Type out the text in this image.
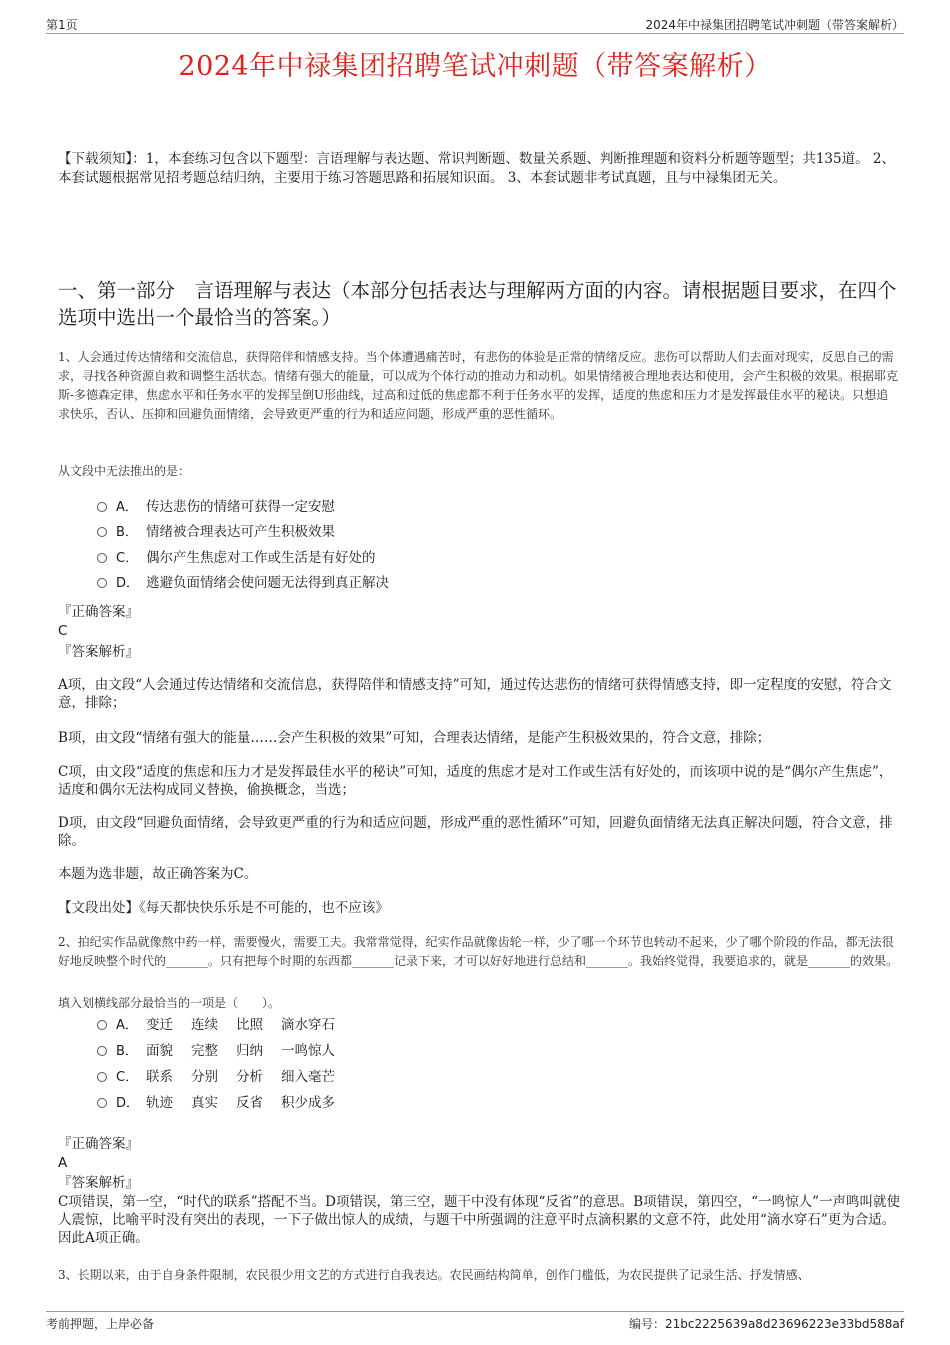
第1页	2024年中禄集团招聘笔试冲刺题（带答案解析）
2024年中禄集团招聘笔试冲刺题（带答案解析）
【下载须知】：1，本套练习包含以下题型：言语理解与表达题、常识判断题、数量关系题、判断推理题和资料分析题等题型；共135道。 2、本套试题根据常见招考题总结归纳，主要用于练习答题思路和拓展知识面。 3、本套试题非考试真题，且与中禄集团无关。
一、第一部分　言语理解与表达（本部分包括表达与理解两方面的内容。请根据题目要求，在四个选项中选出一个最恰当的答案。）
1、人会通过传达情绪和交流信息，获得陪伴和情感支持。当个体遭遇痛苦时，有悲伤的体验是正常的情绪反应。悲伤可以帮助人们去面对现实，反思自己的需求，寻找各种资源自救和调整生活状态。情绪有强大的能量，可以成为个体行动的推动力和动机。如果情绪被合理地表达和使用，会产生积极的效果。根据耶克斯-多德森定律，焦虑水平和任务水平的发挥呈倒U形曲线，过高和过低的焦虑都不利于任务水平的发挥，适度的焦虑和压力才是发挥最佳水平的秘诀。只想追求快乐，否认、压抑和回避负面情绪，会导致更严重的行为和适应问题，形成严重的恶性循环。
从文段中无法推出的是：
A． 传达悲伤的情绪可获得一定安慰
B． 情绪被合理表达可产生积极效果
C． 偶尔产生焦虑对工作或生活是有好处的
D． 逃避负面情绪会使问题无法得到真正解决
『正确答案』
C
『答案解析』
A项，由文段“人会通过传达情绪和交流信息，获得陪伴和情感支持”可知，通过传达悲伤的情绪可获得情感支持，即一定程度的安慰，符合文意，排除；
B项，由文段“情绪有强大的能量……会产生积极的效果”可知，合理表达情绪，是能产生积极效果的，符合文意，排除；
C项，由文段“适度的焦虑和压力才是发挥最佳水平的秘诀”可知，适度的焦虑才是对工作或生活有好处的，而该项中说的是“偶尔产生焦虑”，适度和偶尔无法构成同义替换，偷换概念，当选；
D项，由文段“回避负面情绪，会导致更严重的行为和适应问题，形成严重的恶性循环”可知，回避负面情绪无法真正解决问题，符合文意，排除。
本题为选非题，故正确答案为C。
【文段出处】《每天都快快乐乐是不可能的，也不应该》
2、拍纪实作品就像熬中药一样，需要慢火，需要工夫。我常常觉得，纪实作品就像齿轮一样，少了哪一个环节也转动不起来，少了哪个阶段的作品，都无法很好地反映整个时代的_______。只有把每个时期的东西都_______记录下来，才可以好好地进行总结和_______。我始终觉得，我要追求的，就是_______的效果。
填入划横线部分最恰当的一项是（　　）。
A． 变迁 连续 比照 滴水穿石
B． 面貌 完整 归纳 一鸣惊人
C． 联系 分别 分析 细入毫芒
D． 轨迹 真实 反省 积少成多
『正确答案』
A
『答案解析』
C项错误，第一空，“时代的联系”搭配不当。D项错误，第三空，题干中没有体现“反省”的意思。B项错误，第四空，“一鸣惊人”一声鸣叫就使人震惊，比喻平时没有突出的表现，一下子做出惊人的成绩，与题干中所强调的注意平时点滴积累的文意不符，此处用“滴水穿石”更为合适。因此A项正确。
3、长期以来，由于自身条件限制，农民很少用文艺的方式进行自我表达。农民画结构简单，创作门槛低，为农民提供了记录生活、抒发情感、
考前押题，上岸必备	编号：21bc2225639a8d23696223e33bd588af
